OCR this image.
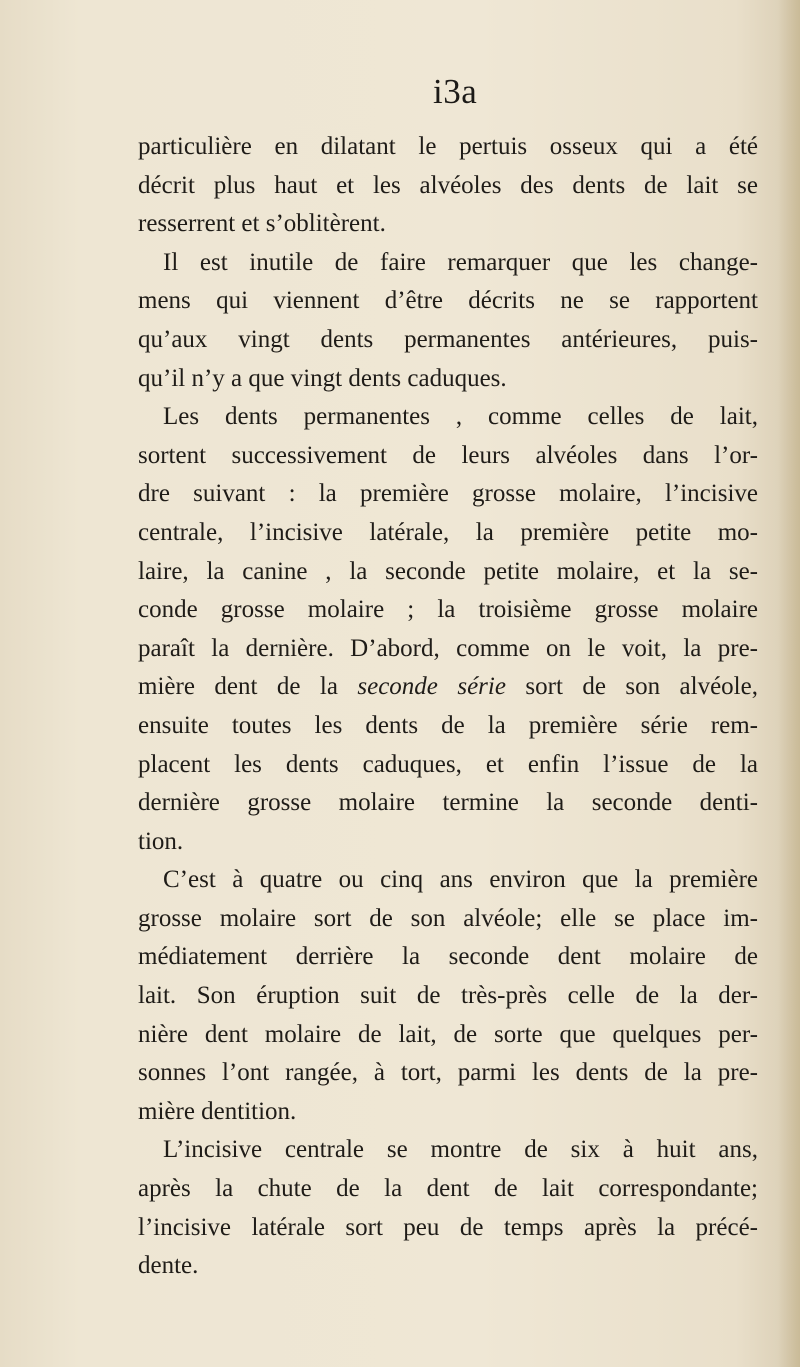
i3a
particulière en dilatant le pertuis osseux qui a été
décrit plus haut et les alvéoles des dents de lait se
resserrent et s’oblitèrent.
Il est inutile de faire remarquer que les change-
mens qui viennent d’être décrits ne se rapportent
qu’aux vingt dents permanentes antérieures, puis-
qu’il n’y a que vingt dents caduques.
Les dents permanentes , comme celles de lait,
sortent successivement de leurs alvéoles dans l’or-
dre suivant : la première grosse molaire, l’incisive
centrale, l’incisive latérale, la première petite mo-
laire, la canine , la seconde petite molaire, et la se-
conde grosse molaire ; la troisième grosse molaire
paraît la dernière. D’abord, comme on le voit, la pre-
mière dent de la seconde série sort de son alvéole,
ensuite toutes les dents de la première série rem-
placent les dents caduques, et enfin l’issue de la
dernière grosse molaire termine la seconde denti-
tion.
C’est à quatre ou cinq ans environ que la première
grosse molaire sort de son alvéole; elle se place im-
médiatement derrière la seconde dent molaire de
lait. Son éruption suit de très-près celle de la der-
nière dent molaire de lait, de sorte que quelques per-
sonnes l’ont rangée, à tort, parmi les dents de la pre-
mière dentition.
L’incisive centrale se montre de six à huit ans,
après la chute de la dent de lait correspondante;
l’incisive latérale sort peu de temps après la précé-
dente.
